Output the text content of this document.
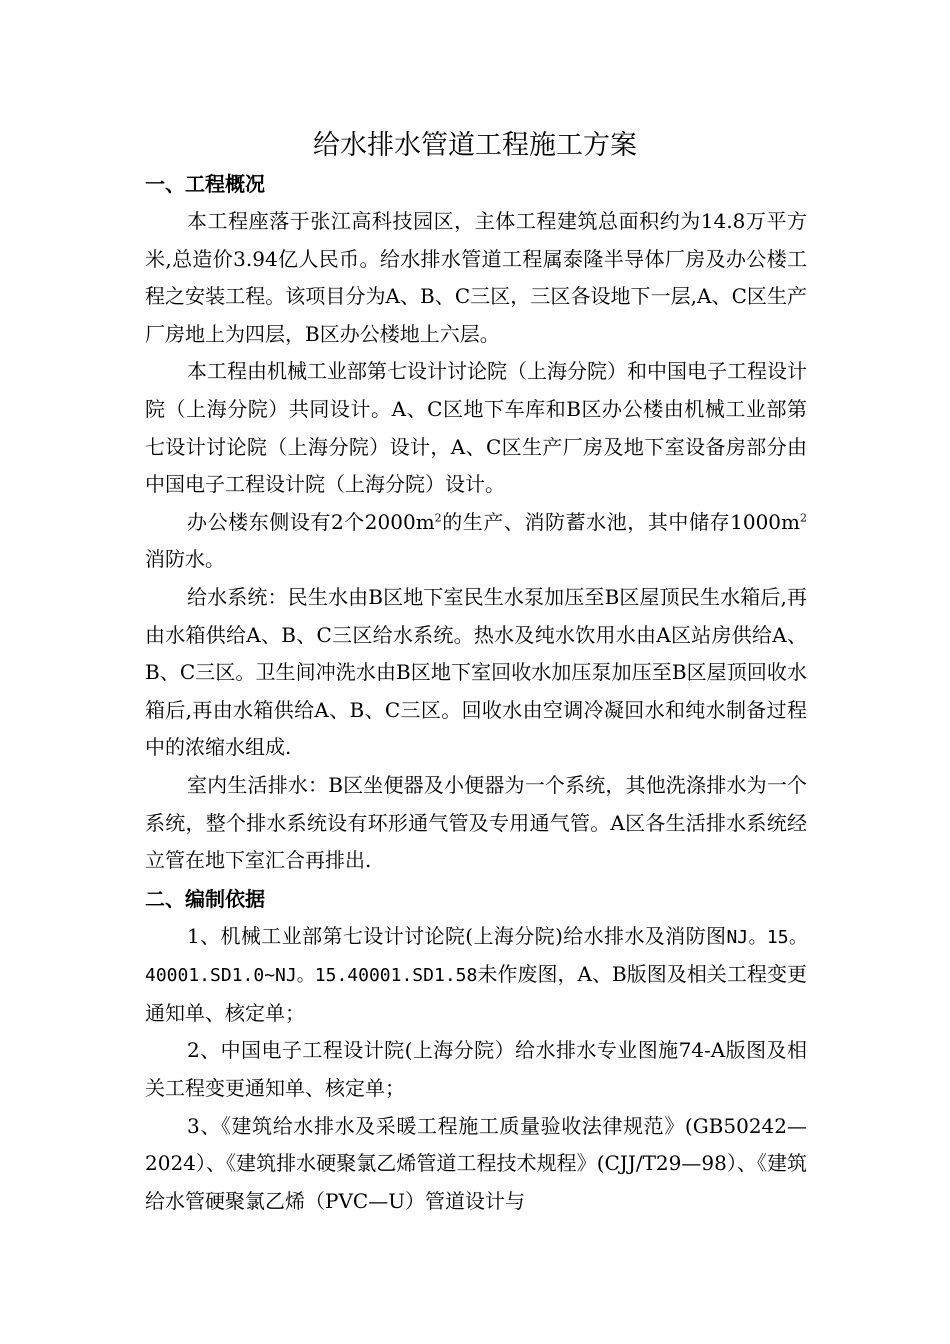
给水排水管道工程施工方案
一、工程概况

本工程座落于张江高科技园区，主体工程建筑总面积约为14.8万平方米,总造价3.94亿人民币。给水排水管道工程属泰隆半导体厂房及办公楼工程之安装工程。该项目分为A、B、C三区，三区各设地下一层,A、C区生产厂房地上为四层，B区办公楼地上六层。

本工程由机械工业部第七设计讨论院（上海分院）和中国电子工程设计院（上海分院）共同设计。A、C区地下车库和B区办公楼由机械工业部第七设计讨论院（上海分院）设计，A、C区生产厂房及地下室设备房部分由中国电子工程设计院（上海分院）设计。

办公楼东侧设有2个$2000m^2$的生产、消防蓄水池，其中储存$1000m^2$消防水。

给水系统：民生水由B区地下室民生水泵加压至B区屋顶民生水箱后,再由水箱供给A、B、C三区给水系统。热水及纯水饮用水由A区站房供给A、B、C三区。卫生间冲洗水由B区地下室回收水加压泵加压至B区屋顶回收水箱后,再由水箱供给A、B、C三区。回收水由空调冷凝回水和纯水制备过程中的浓缩水组成.

室内生活排水：B区坐便器及小便器为一个系统，其他洗涤排水为一个系统，整个排水系统设有环形通气管及专用通气管。A区各生活排水系统经立管在地下室汇合再排出.

二、编制依据

1、机械工业部第七设计讨论院(上海分院)给水排水及消防图NJ。15。40001.SD1.0~NJ。15.40001.SD1.58未作废图，A、B版图及相关工程变更通知单、核定单；

2、中国电子工程设计院(上海分院）给水排水专业图施74-A版图及相关工程变更通知单、核定单；

3、《建筑给水排水及采暖工程施工质量验收法律规范》(GB50242—2024）、《建筑排水硬聚氯乙烯管道工程技术规程》(CJJ/T29—98）、《建筑给水管硬聚氯乙烯（PVC—U）管道设计与
